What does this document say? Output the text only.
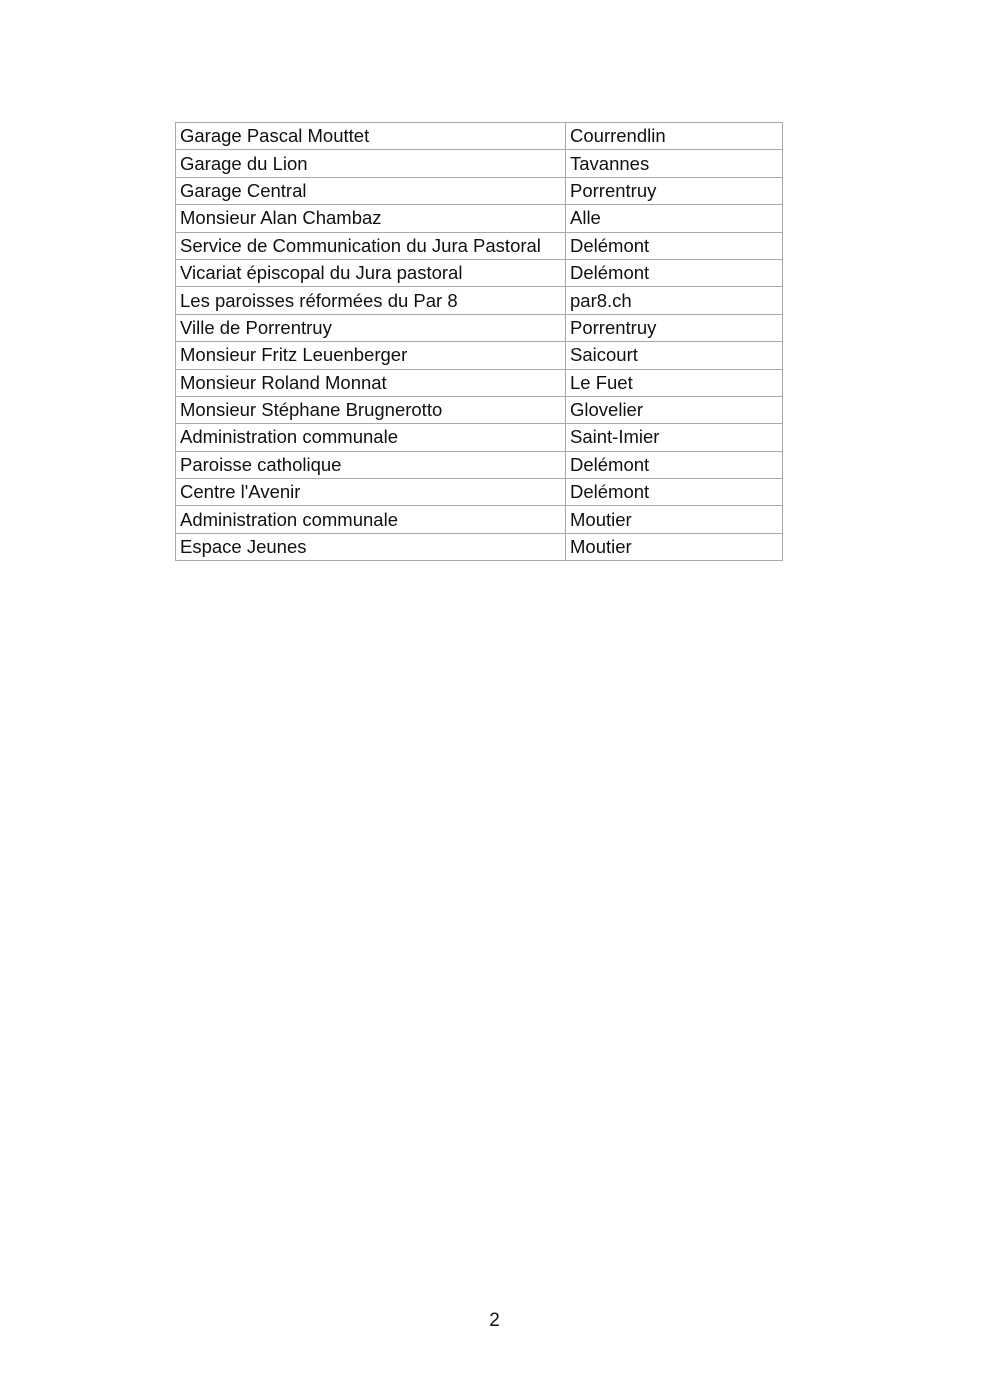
Garage Pascal Mouttet	Courrendlin
Garage du Lion	Tavannes
Garage Central	Porrentruy
Monsieur Alan Chambaz	Alle
Service de Communication du Jura Pastoral	Delémont
Vicariat épiscopal du Jura pastoral	Delémont
Les paroisses réformées du Par 8	par8.ch
Ville de Porrentruy	Porrentruy
Monsieur Fritz Leuenberger	Saicourt
Monsieur Roland Monnat	Le Fuet
Monsieur Stéphane Brugnerotto	Glovelier
Administration communale	Saint-Imier
Paroisse catholique	Delémont
Centre l'Avenir	Delémont
Administration communale	Moutier
Espace Jeunes	Moutier
2
